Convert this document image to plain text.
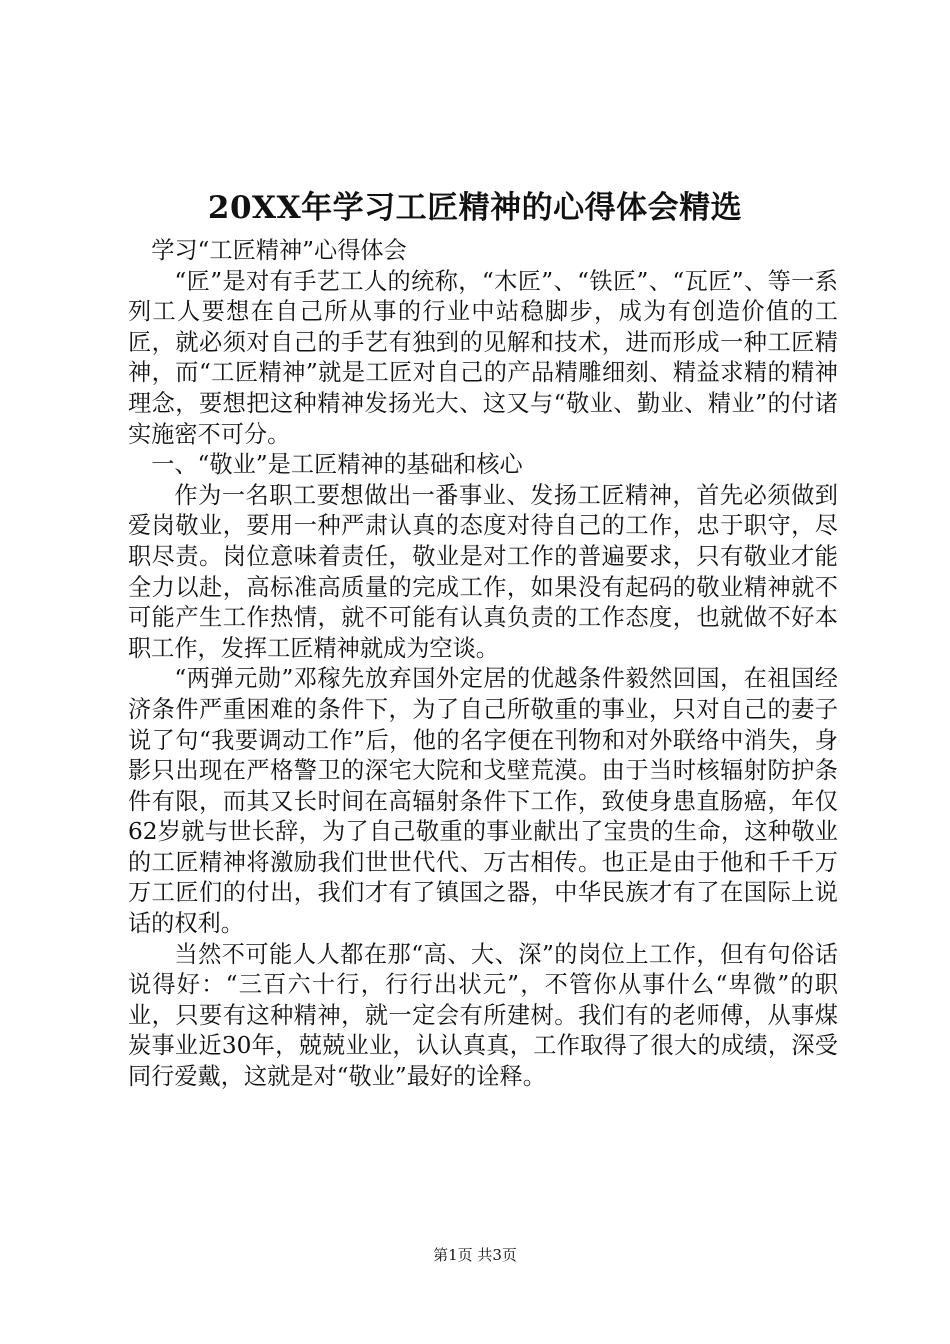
20XX年学习工匠精神的心得体会精选

学习“工匠精神”心得体会

“匠”是对有手艺工人的统称，“木匠”、“铁匠”、“瓦匠”、等一系列工人要想在自己所从事的行业中站稳脚步，成为有创造价值的工匠，就必须对自己的手艺有独到的见解和技术，进而形成一种工匠精神，而“工匠精神”就是工匠对自己的产品精雕细刻、精益求精的精神理念，要想把这种精神发扬光大、这又与“敬业、勤业、精业”的付诸实施密不可分。

一、“敬业”是工匠精神的基础和核心

作为一名职工要想做出一番事业、发扬工匠精神，首先必须做到爱岗敬业，要用一种严肃认真的态度对待自己的工作，忠于职守，尽职尽责。岗位意味着责任，敬业是对工作的普遍要求，只有敬业才能全力以赴，高标准高质量的完成工作，如果没有起码的敬业精神就不可能产生工作热情，就不可能有认真负责的工作态度，也就做不好本职工作，发挥工匠精神就成为空谈。

“两弹元勋”邓稼先放弃国外定居的优越条件毅然回国，在祖国经济条件严重困难的条件下，为了自己所敬重的事业，只对自己的妻子说了句“我要调动工作”后，他的名字便在刊物和对外联络中消失，身影只出现在严格警卫的深宅大院和戈壁荒漠。由于当时核辐射防护条件有限，而其又长时间在高辐射条件下工作，致使身患直肠癌，年仅62岁就与世长辞，为了自己敬重的事业献出了宝贵的生命，这种敬业的工匠精神将激励我们世世代代、万古相传。也正是由于他和千千万万工匠们的付出，我们才有了镇国之器，中华民族才有了在国际上说话的权利。

当然不可能人人都在那“高、大、深”的岗位上工作，但有句俗话说得好：“三百六十行，行行出状元”，不管你从事什么“卑微”的职业，只要有这种精神，就一定会有所建树。我们有的老师傅，从事煤炭事业近30年，兢兢业业，认认真真，工作取得了很大的成绩，深受同行爱戴，这就是对“敬业”最好的诠释。

第1页 共3页
